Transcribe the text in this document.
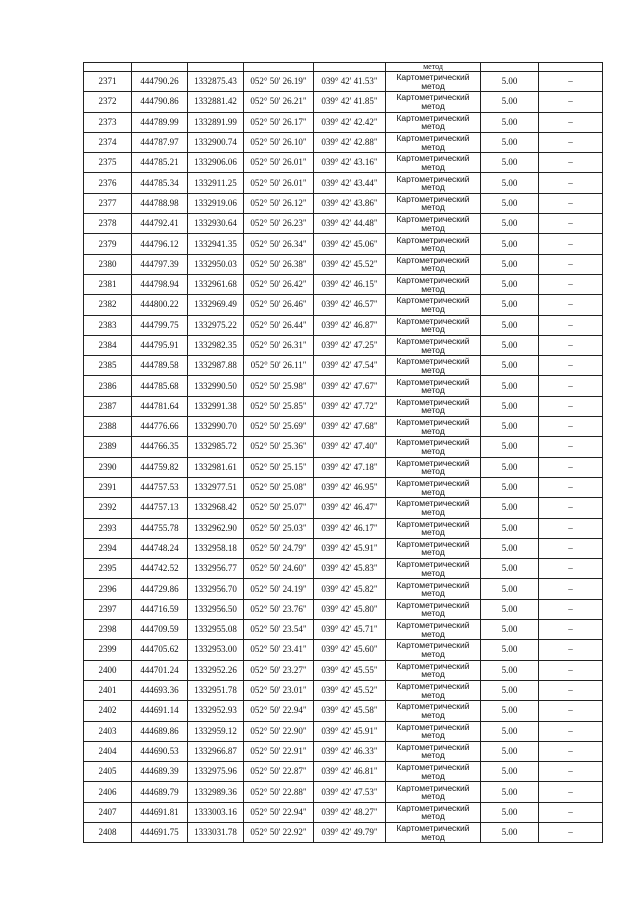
					метод		
2371	444790.26	1332875.43	052° 50' 26.19"	039° 42' 41.53"	Картометрический
метод	5.00	–
2372	444790.86	1332881.42	052° 50' 26.21"	039° 42' 41.85"	Картометрический
метод	5.00	–
2373	444789.99	1332891.99	052° 50' 26.17"	039° 42' 42.42"	Картометрический
метод	5.00	–
2374	444787.97	1332900.74	052° 50' 26.10"	039° 42' 42.88"	Картометрический
метод	5.00	–
2375	444785.21	1332906.06	052° 50' 26.01"	039° 42' 43.16"	Картометрический
метод	5.00	–
2376	444785.34	1332911.25	052° 50' 26.01"	039° 42' 43.44"	Картометрический
метод	5.00	–
2377	444788.98	1332919.06	052° 50' 26.12"	039° 42' 43.86"	Картометрический
метод	5.00	–
2378	444792.41	1332930.64	052° 50' 26.23"	039° 42' 44.48"	Картометрический
метод	5.00	–
2379	444796.12	1332941.35	052° 50' 26.34"	039° 42' 45.06"	Картометрический
метод	5.00	–
2380	444797.39	1332950.03	052° 50' 26.38"	039° 42' 45.52"	Картометрический
метод	5.00	–
2381	444798.94	1332961.68	052° 50' 26.42"	039° 42' 46.15"	Картометрический
метод	5.00	–
2382	444800.22	1332969.49	052° 50' 26.46"	039° 42' 46.57"	Картометрический
метод	5.00	–
2383	444799.75	1332975.22	052° 50' 26.44"	039° 42' 46.87"	Картометрический
метод	5.00	–
2384	444795.91	1332982.35	052° 50' 26.31"	039° 42' 47.25"	Картометрический
метод	5.00	–
2385	444789.58	1332987.88	052° 50' 26.11"	039° 42' 47.54"	Картометрический
метод	5.00	–
2386	444785.68	1332990.50	052° 50' 25.98"	039° 42' 47.67"	Картометрический
метод	5.00	–
2387	444781.64	1332991.38	052° 50' 25.85"	039° 42' 47.72"	Картометрический
метод	5.00	–
2388	444776.66	1332990.70	052° 50' 25.69"	039° 42' 47.68"	Картометрический
метод	5.00	–
2389	444766.35	1332985.72	052° 50' 25.36"	039° 42' 47.40"	Картометрический
метод	5.00	–
2390	444759.82	1332981.61	052° 50' 25.15"	039° 42' 47.18"	Картометрический
метод	5.00	–
2391	444757.53	1332977.51	052° 50' 25.08"	039° 42' 46.95"	Картометрический
метод	5.00	–
2392	444757.13	1332968.42	052° 50' 25.07"	039° 42' 46.47"	Картометрический
метод	5.00	–
2393	444755.78	1332962.90	052° 50' 25.03"	039° 42' 46.17"	Картометрический
метод	5.00	–
2394	444748.24	1332958.18	052° 50' 24.79"	039° 42' 45.91"	Картометрический
метод	5.00	–
2395	444742.52	1332956.77	052° 50' 24.60"	039° 42' 45.83"	Картометрический
метод	5.00	–
2396	444729.86	1332956.70	052° 50' 24.19"	039° 42' 45.82"	Картометрический
метод	5.00	–
2397	444716.59	1332956.50	052° 50' 23.76"	039° 42' 45.80"	Картометрический
метод	5.00	–
2398	444709.59	1332955.08	052° 50' 23.54"	039° 42' 45.71"	Картометрический
метод	5.00	–
2399	444705.62	1332953.00	052° 50' 23.41"	039° 42' 45.60"	Картометрический
метод	5.00	–
2400	444701.24	1332952.26	052° 50' 23.27"	039° 42' 45.55"	Картометрический
метод	5.00	–
2401	444693.36	1332951.78	052° 50' 23.01"	039° 42' 45.52"	Картометрический
метод	5.00	–
2402	444691.14	1332952.93	052° 50' 22.94"	039° 42' 45.58"	Картометрический
метод	5.00	–
2403	444689.86	1332959.12	052° 50' 22.90"	039° 42' 45.91"	Картометрический
метод	5.00	–
2404	444690.53	1332966.87	052° 50' 22.91"	039° 42' 46.33"	Картометрический
метод	5.00	–
2405	444689.39	1332975.96	052° 50' 22.87"	039° 42' 46.81"	Картометрический
метод	5.00	–
2406	444689.79	1332989.36	052° 50' 22.88"	039° 42' 47.53"	Картометрический
метод	5.00	–
2407	444691.81	1333003.16	052° 50' 22.94"	039° 42' 48.27"	Картометрический
метод	5.00	–
2408	444691.75	1333031.78	052° 50' 22.92"	039° 42' 49.79"	Картометрический
метод	5.00	–
